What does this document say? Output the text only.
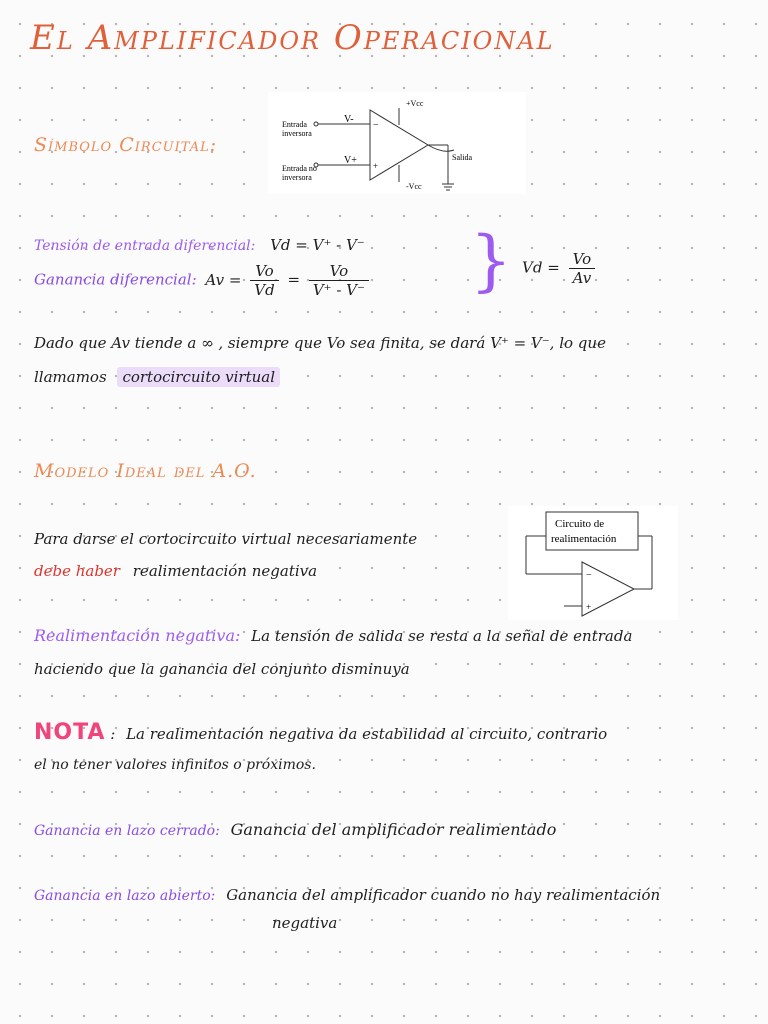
El Amplificador Operacional
Símbolo Circuital:
+Vcc
-Vcc
Entrada
inversora
Entrada no
inversora
V-
V+
−
+
Salida
Tensión de entrada diferencial: Vd = V⁺ - V⁻
Ganancia diferencial: $Av = \frac{Vo}{Vd} = \frac{Vo}{V^+ - V^-}$ } $Vd = \frac{Vo}{Av}$
Dado que Av tiende a ∞ , siempre que Vo sea finita, se dará V⁺ = V⁻, lo que
llamamos cortocircuito virtual
Modelo Ideal del A.O.
Para darse el cortocircuito virtual necesariamente
debe haber realimentación negativa
Circuito de
realimentación
−
+
Realimentación negativa: La tensión de salida se resta a la señal de entrada
haciendo que la ganancia del conjunto disminuya
NOTA : La realimentación negativa da estabilidad al circuito, contrario
el no tener valores infinitos o próximos.
Ganancia en lazo cerrado: Ganancia del amplificador realimentado
Ganancia en lazo abierto: Ganancia del amplificador cuando no hay realimentación
negativa
